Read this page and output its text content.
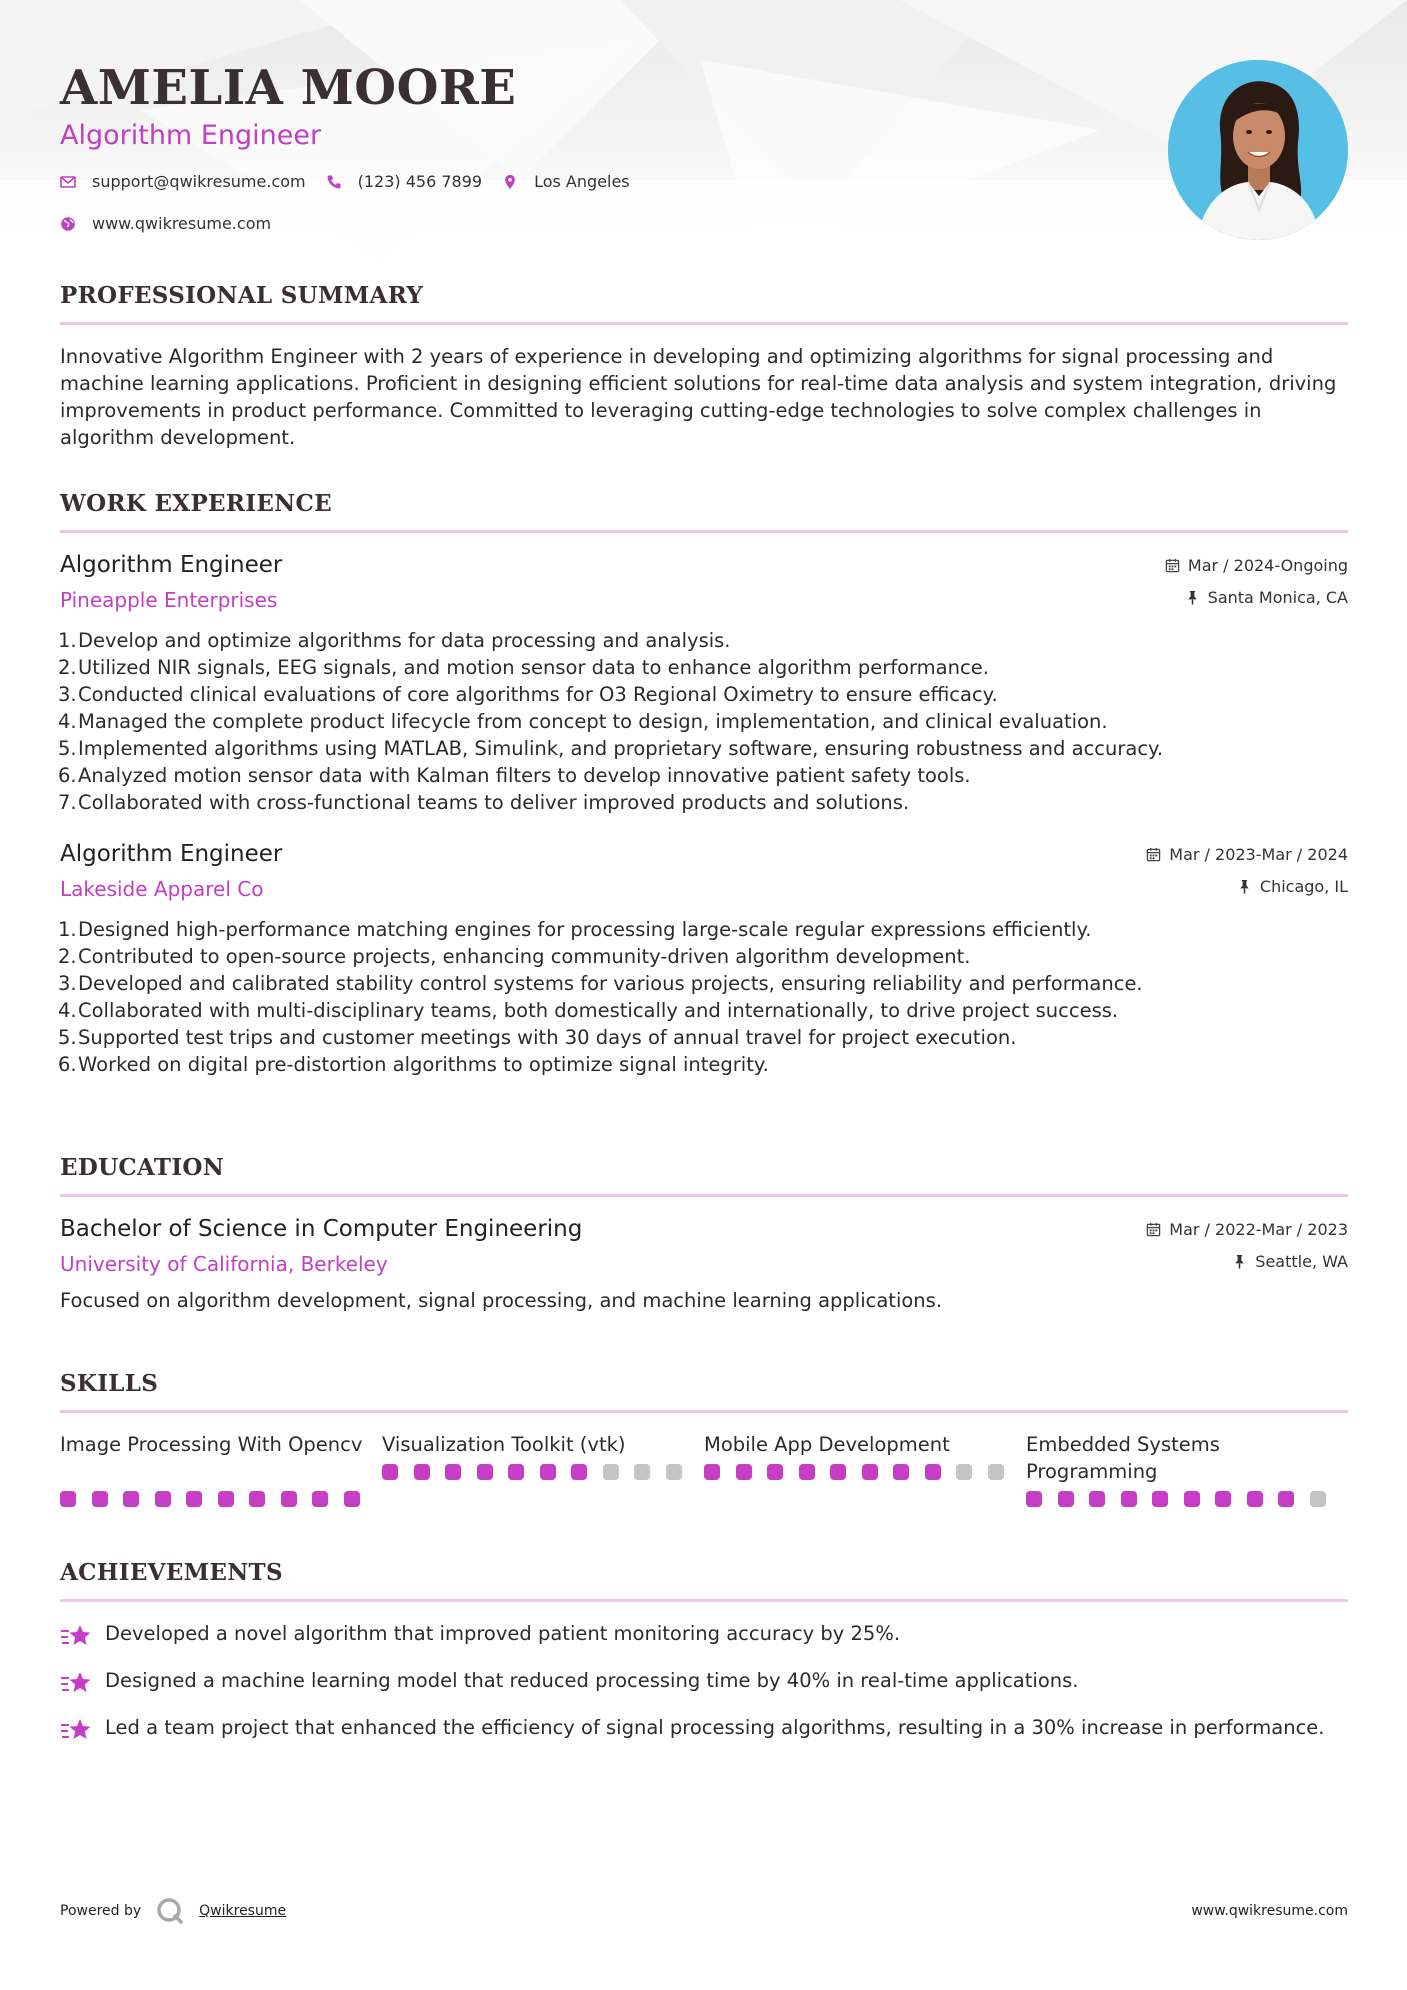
AMELIA MOORE
Algorithm Engineer
support@qwikresume.com	(123) 456 7899	Los Angeles
www.qwikresume.com
PROFESSIONAL SUMMARY
Innovative Algorithm Engineer with 2 years of experience in developing and optimizing algorithms for signal processing and machine learning applications. Proficient in designing efficient solutions for real-time data analysis and system integration, driving improvements in product performance. Committed to leveraging cutting-edge technologies to solve complex challenges in algorithm development.
WORK EXPERIENCE
Algorithm Engineer
Pineapple Enterprises
Mar / 2024-Ongoing
Santa Monica, CA
1. Develop and optimize algorithms for data processing and analysis.
2. Utilized NIR signals, EEG signals, and motion sensor data to enhance algorithm performance.
3. Conducted clinical evaluations of core algorithms for O3 Regional Oximetry to ensure efficacy.
4. Managed the complete product lifecycle from concept to design, implementation, and clinical evaluation.
5. Implemented algorithms using MATLAB, Simulink, and proprietary software, ensuring robustness and accuracy.
6. Analyzed motion sensor data with Kalman filters to develop innovative patient safety tools.
7. Collaborated with cross-functional teams to deliver improved products and solutions.
Algorithm Engineer
Lakeside Apparel Co
Mar / 2023-Mar / 2024
Chicago, IL
1. Designed high-performance matching engines for processing large-scale regular expressions efficiently.
2. Contributed to open-source projects, enhancing community-driven algorithm development.
3. Developed and calibrated stability control systems for various projects, ensuring reliability and performance.
4. Collaborated with multi-disciplinary teams, both domestically and internationally, to drive project success.
5. Supported test trips and customer meetings with 30 days of annual travel for project execution.
6. Worked on digital pre-distortion algorithms to optimize signal integrity.
EDUCATION
Bachelor of Science in Computer Engineering
University of California, Berkeley
Mar / 2022-Mar / 2023
Seattle, WA
Focused on algorithm development, signal processing, and machine learning applications.
SKILLS
Image Processing With Opencv	Visualization Toolkit (vtk)	Mobile App Development	Embedded Systems Programming
ACHIEVEMENTS
Developed a novel algorithm that improved patient monitoring accuracy by 25%.
Designed a machine learning model that reduced processing time by 40% in real-time applications.
Led a team project that enhanced the efficiency of signal processing algorithms, resulting in a 30% increase in performance.
Powered by	Qwikresume	www.qwikresume.com
